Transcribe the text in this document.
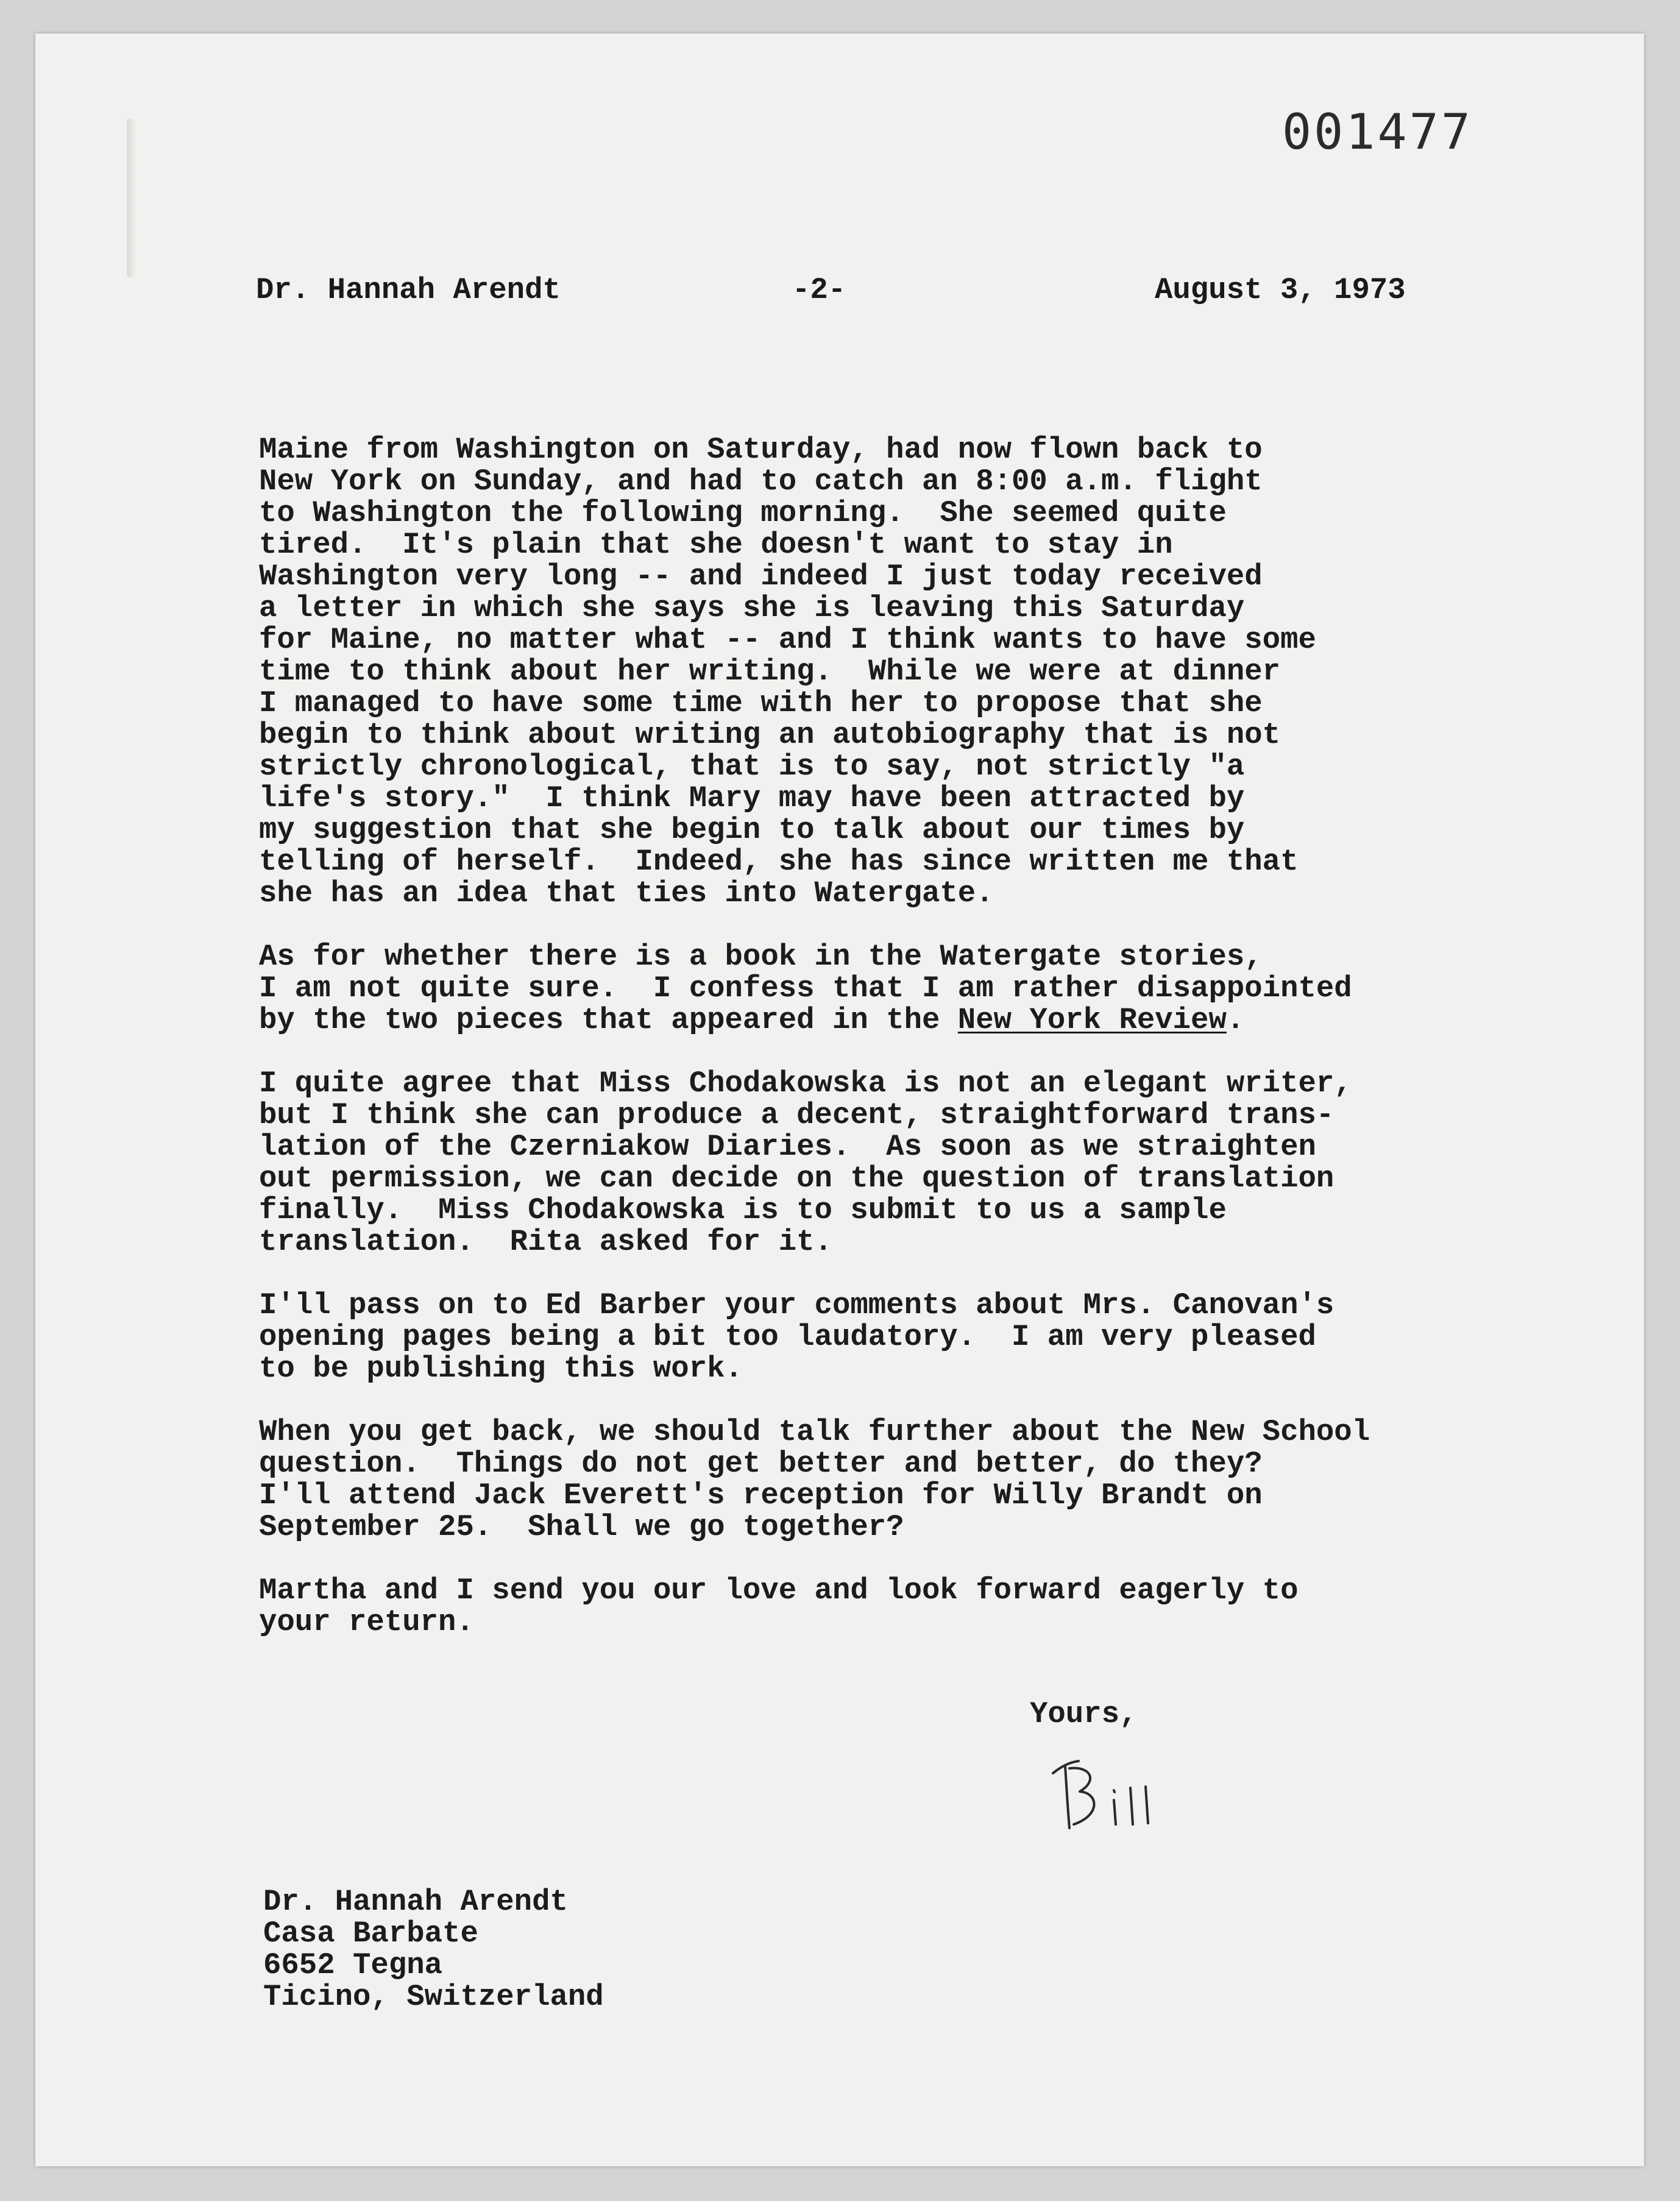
001477
Dr. Hannah Arendt	-2-	August 3, 1973
Maine from Washington on Saturday, had now flown back to
New York on Sunday, and had to catch an 8:00 a.m. flight
to Washington the following morning.  She seemed quite
tired.  It's plain that she doesn't want to stay in
Washington very long -- and indeed I just today received
a letter in which she says she is leaving this Saturday
for Maine, no matter what -- and I think wants to have some
time to think about her writing.  While we were at dinner
I managed to have some time with her to propose that she
begin to think about writing an autobiography that is not
strictly chronological, that is to say, not strictly "a
life's story."  I think Mary may have been attracted by
my suggestion that she begin to talk about our times by
telling of herself.  Indeed, she has since written me that
she has an idea that ties into Watergate.
As for whether there is a book in the Watergate stories,
I am not quite sure.  I confess that I am rather disappointed
by the two pieces that appeared in the New York Review.
I quite agree that Miss Chodakowska is not an elegant writer,
but I think she can produce a decent, straightforward trans-
lation of the Czerniakow Diaries.  As soon as we straighten
out permission, we can decide on the question of translation
finally.  Miss Chodakowska is to submit to us a sample
translation.  Rita asked for it.
I'll pass on to Ed Barber your comments about Mrs. Canovan's
opening pages being a bit too laudatory.  I am very pleased
to be publishing this work.
When you get back, we should talk further about the New School
question.  Things do not get better and better, do they?
I'll attend Jack Everett's reception for Willy Brandt on
September 25.  Shall we go together?
Martha and I send you our love and look forward eagerly to
your return.
Yours,
Dr. Hannah Arendt
Casa Barbate
6652 Tegna
Ticino, Switzerland
